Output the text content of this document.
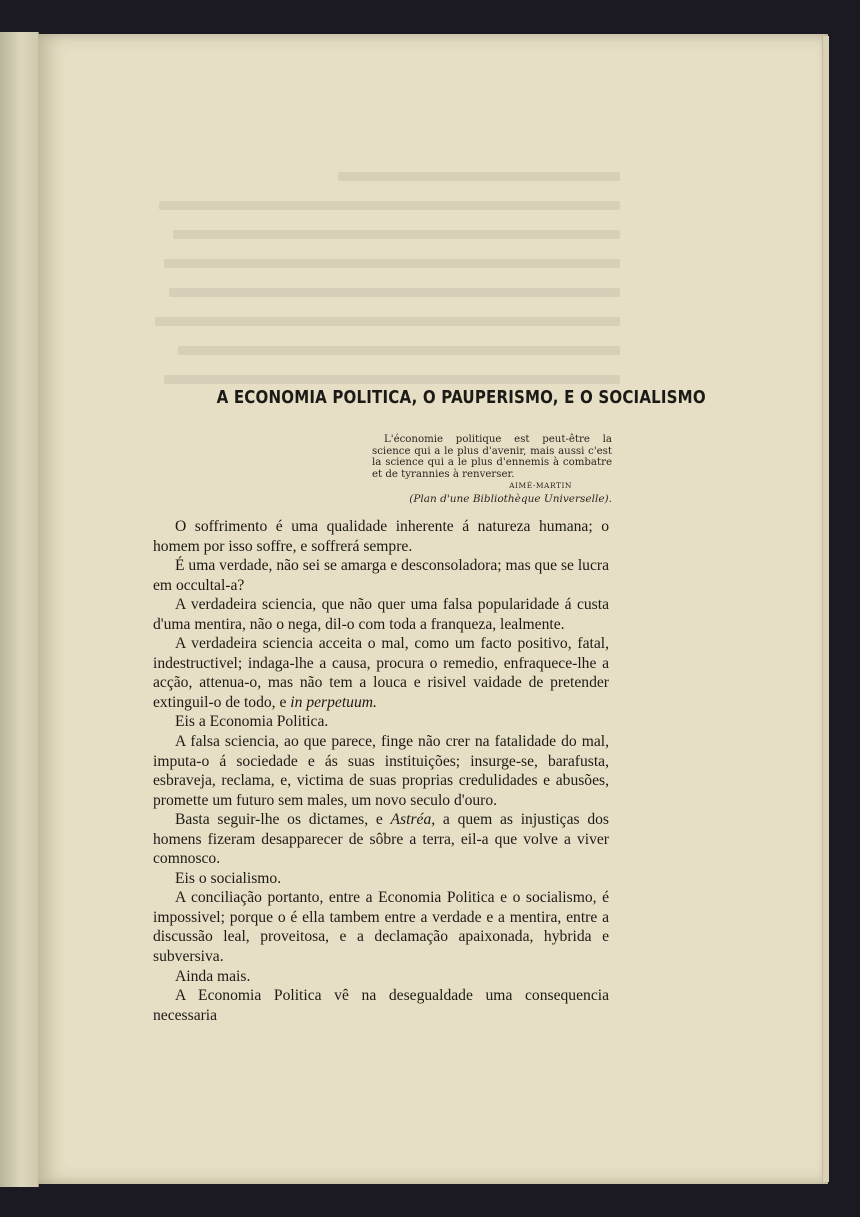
A ECONOMIA POLITICA, O PAUPERISMO, E O SOCIALISMO
L'économie politique est peut-être la science qui a le plus d'avenir, mais aussi c'est la science qui a le plus d'ennemis à combatre et de tyrannies à renverser.
AIMÉ-MARTIN
(Plan d'une Bibliothèque Universelle).

O soffrimento é uma qualidade inherente á natureza humana; o homem por isso soffre, e soffrerá sempre.

É uma verdade, não sei se amarga e desconsoladora; mas que se lucra em occultal-a?

A verdadeira sciencia, que não quer uma falsa popularidade á custa d'uma mentira, não o nega, dil-o com toda a franqueza, lealmente.

A verdadeira sciencia acceita o mal, como um facto positivo, fatal, indestructivel; indaga-lhe a causa, procura o remedio, enfraquece-lhe a acção, attenua-o, mas não tem a louca e risivel vaidade de pretender extinguil-o de todo, e in perpetuum.

Eis a Economia Politica.

A falsa sciencia, ao que parece, finge não crer na fatalidade do mal, imputa-o á sociedade e ás suas instituições; insurge-se, barafusta, esbraveja, reclama, e, victima de suas proprias credulidades e abusões, promette um futuro sem males, um novo seculo d'ouro.

Basta seguir-lhe os dictames, e Astréa, a quem as injustiças dos homens fizeram desapparecer de sôbre a terra, eil-a que volve a viver comnosco.

Eis o socialismo.

A conciliação portanto, entre a Economia Politica e o socialismo, é impossivel; porque o é ella tambem entre a verdade e a mentira, entre a discussão leal, proveitosa, e a declamação apaixonada, hybrida e subversiva.

Ainda mais.

A Economia Politica vê na desegualdade uma consequencia necessaria
